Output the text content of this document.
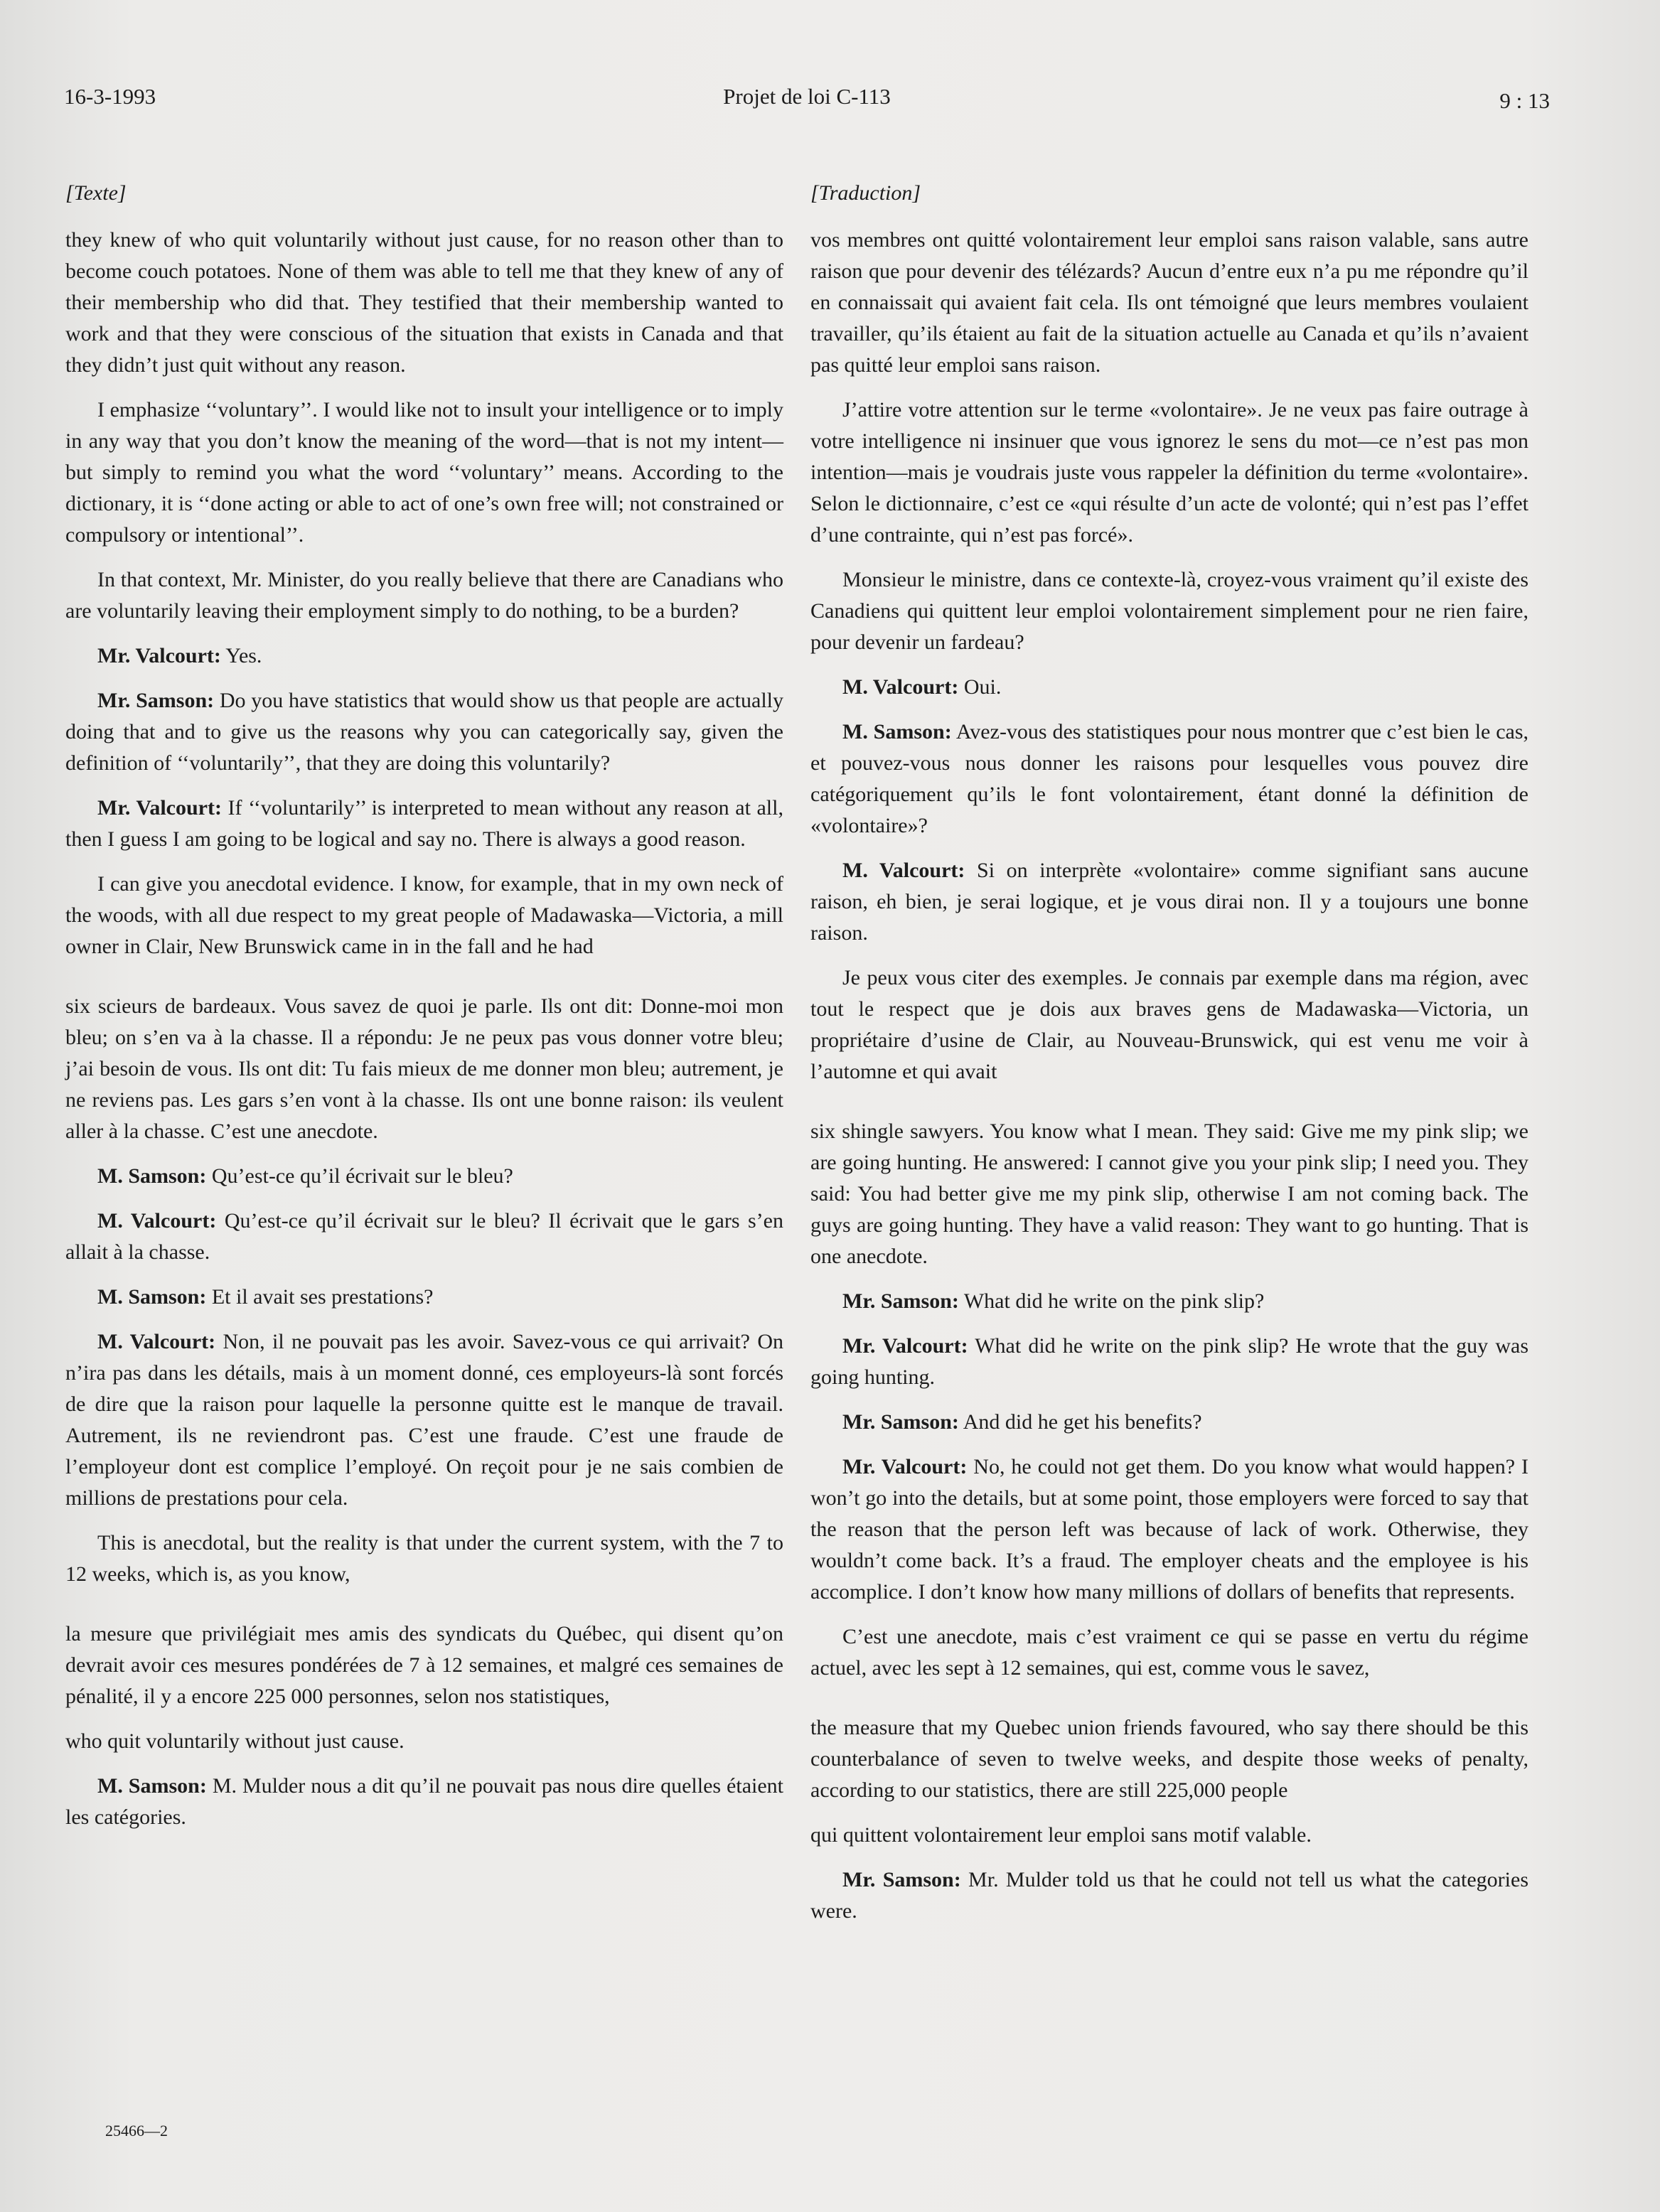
16-3-1993	Projet de loi C-113	9 : 13

[Texte]

they knew of who quit voluntarily without just cause, for no reason other than to become couch potatoes. None of them was able to tell me that they knew of any of their membership who did that. They testified that their membership wanted to work and that they were conscious of the situation that exists in Canada and that they didn’t just quit without any reason.

I emphasize ‘‘voluntary’’. I would like not to insult your intelligence or to imply in any way that you don’t know the meaning of the word—that is not my intent—but simply to remind you what the word ‘‘voluntary’’ means. According to the dictionary, it is ‘‘done acting or able to act of one’s own free will; not constrained or compulsory or intentional’’.

In that context, Mr. Minister, do you really believe that there are Canadians who are voluntarily leaving their employment simply to do nothing, to be a burden?

Mr. Valcourt: Yes.

Mr. Samson: Do you have statistics that would show us that people are actually doing that and to give us the reasons why you can categorically say, given the definition of ‘‘voluntarily’’, that they are doing this voluntarily?

Mr. Valcourt: If ‘‘voluntarily’’ is interpreted to mean without any reason at all, then I guess I am going to be logical and say no. There is always a good reason.

I can give you anecdotal evidence. I know, for example, that in my own neck of the woods, with all due respect to my great people of Madawaska—Victoria, a mill owner in Clair, New Brunswick came in in the fall and he had

six scieurs de bardeaux. Vous savez de quoi je parle. Ils ont dit: Donne-moi mon bleu; on s’en va à la chasse. Il a répondu: Je ne peux pas vous donner votre bleu; j’ai besoin de vous. Ils ont dit: Tu fais mieux de me donner mon bleu; autrement, je ne reviens pas. Les gars s’en vont à la chasse. Ils ont une bonne raison: ils veulent aller à la chasse. C’est une anecdote.

M. Samson: Qu’est-ce qu’il écrivait sur le bleu?

M. Valcourt: Qu’est-ce qu’il écrivait sur le bleu? Il écrivait que le gars s’en allait à la chasse.

M. Samson: Et il avait ses prestations?

M. Valcourt: Non, il ne pouvait pas les avoir. Savez-vous ce qui arrivait? On n’ira pas dans les détails, mais à un moment donné, ces employeurs-là sont forcés de dire que la raison pour laquelle la personne quitte est le manque de travail. Autrement, ils ne reviendront pas. C’est une fraude. C’est une fraude de l’employeur dont est complice l’employé. On reçoit pour je ne sais combien de millions de prestations pour cela.

This is anecdotal, but the reality is that under the current system, with the 7 to 12 weeks, which is, as you know,

la mesure que privilégiait mes amis des syndicats du Québec, qui disent qu’on devrait avoir ces mesures pondérées de 7 à 12 semaines, et malgré ces semaines de pénalité, il y a encore 225 000 personnes, selon nos statistiques,

who quit voluntarily without just cause.

M. Samson: M. Mulder nous a dit qu’il ne pouvait pas nous dire quelles étaient les catégories.

[Traduction]

vos membres ont quitté volontairement leur emploi sans raison valable, sans autre raison que pour devenir des télézards? Aucun d’entre eux n’a pu me répondre qu’il en connaissait qui avaient fait cela. Ils ont témoigné que leurs membres voulaient travailler, qu’ils étaient au fait de la situation actuelle au Canada et qu’ils n’avaient pas quitté leur emploi sans raison.

J’attire votre attention sur le terme «volontaire». Je ne veux pas faire outrage à votre intelligence ni insinuer que vous ignorez le sens du mot—ce n’est pas mon intention—mais je voudrais juste vous rappeler la définition du terme «volontaire». Selon le dictionnaire, c’est ce «qui résulte d’un acte de volonté; qui n’est pas l’effet d’une contrainte, qui n’est pas forcé».

Monsieur le ministre, dans ce contexte-là, croyez-vous vraiment qu’il existe des Canadiens qui quittent leur emploi volontairement simplement pour ne rien faire, pour devenir un fardeau?

M. Valcourt: Oui.

M. Samson: Avez-vous des statistiques pour nous montrer que c’est bien le cas, et pouvez-vous nous donner les raisons pour lesquelles vous pouvez dire catégoriquement qu’ils le font volontairement, étant donné la définition de «volontaire»?

M. Valcourt: Si on interprète «volontaire» comme signifiant sans aucune raison, eh bien, je serai logique, et je vous dirai non. Il y a toujours une bonne raison.

Je peux vous citer des exemples. Je connais par exemple dans ma région, avec tout le respect que je dois aux braves gens de Madawaska—Victoria, un propriétaire d’usine de Clair, au Nouveau-Brunswick, qui est venu me voir à l’automne et qui avait

six shingle sawyers. You know what I mean. They said: Give me my pink slip; we are going hunting. He answered: I cannot give you your pink slip; I need you. They said: You had better give me my pink slip, otherwise I am not coming back. The guys are going hunting. They have a valid reason: They want to go hunting. That is one anecdote.

Mr. Samson: What did he write on the pink slip?

Mr. Valcourt: What did he write on the pink slip? He wrote that the guy was going hunting.

Mr. Samson: And did he get his benefits?

Mr. Valcourt: No, he could not get them. Do you know what would happen? I won’t go into the details, but at some point, those employers were forced to say that the reason that the person left was because of lack of work. Otherwise, they wouldn’t come back. It’s a fraud. The employer cheats and the employee is his accomplice. I don’t know how many millions of dollars of benefits that represents.

C’est une anecdote, mais c’est vraiment ce qui se passe en vertu du régime actuel, avec les sept à 12 semaines, qui est, comme vous le savez,

the measure that my Quebec union friends favoured, who say there should be this counterbalance of seven to twelve weeks, and despite those weeks of penalty, according to our statistics, there are still 225,000 people

qui quittent volontairement leur emploi sans motif valable.

Mr. Samson: Mr. Mulder told us that he could not tell us what the categories were.

25466—2
